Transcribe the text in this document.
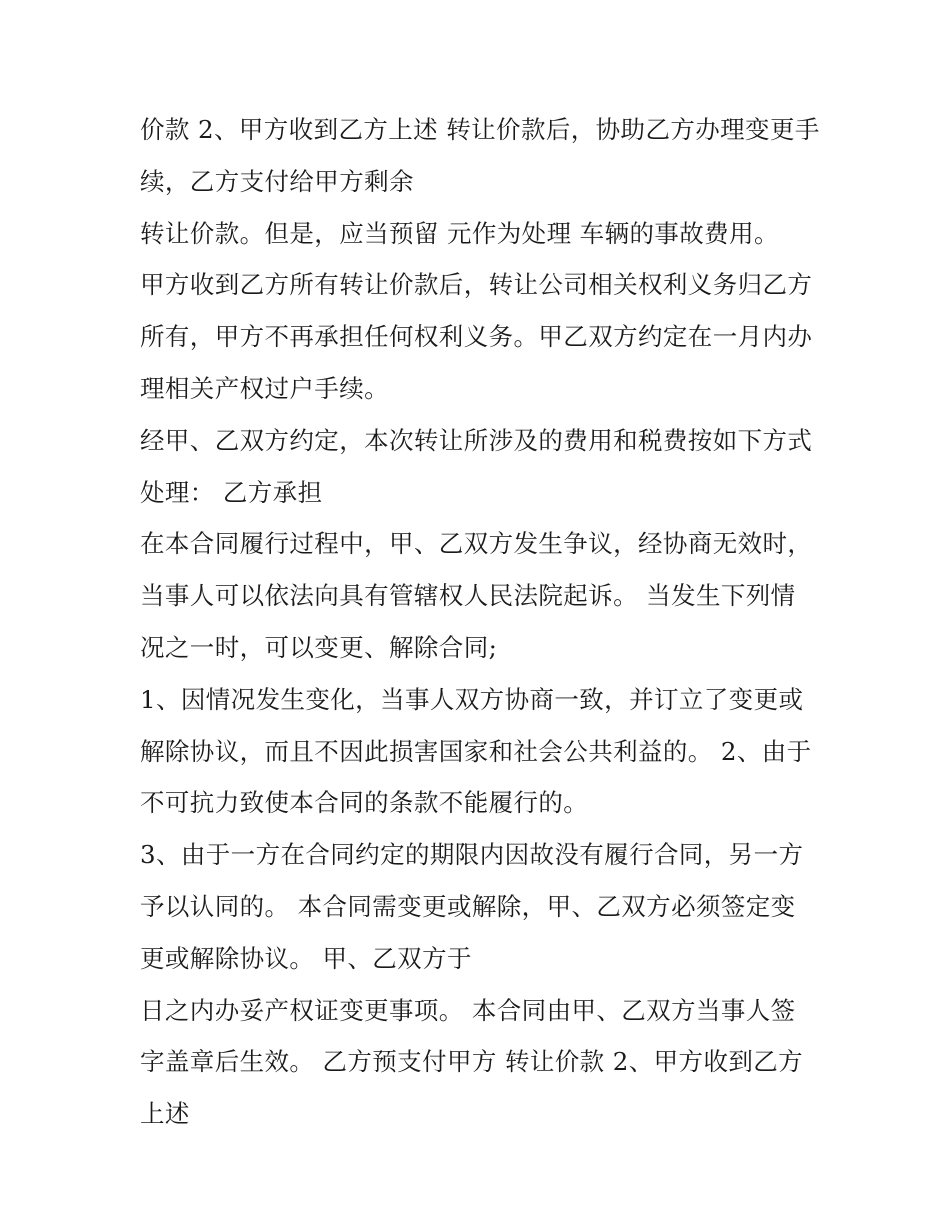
价款 2、甲方收到乙方上述 转让价款后，协助乙方办理变更手
续，乙方支付给甲方剩余
转让价款。但是，应当预留 元作为处理 车辆的事故费用。
甲方收到乙方所有转让价款后，转让公司相关权利义务归乙方
所有，甲方不再承担任何权利义务。甲乙双方约定在一月内办
理相关产权过户手续。
经甲、乙双方约定，本次转让所涉及的费用和税费按如下方式
处理： 乙方承担
在本合同履行过程中，甲、乙双方发生争议，经协商无效时，
当事人可以依法向具有管辖权人民法院起诉。 当发生下列情
况之一时，可以变更、解除合同;
1、因情况发生变化，当事人双方协商一致，并订立了变更或
解除协议，而且不因此损害国家和社会公共利益的。 2、由于
不可抗力致使本合同的条款不能履行的。
3、由于一方在合同约定的期限内因故没有履行合同，另一方
予以认同的。 本合同需变更或解除，甲、乙双方必须签定变
更或解除协议。 甲、乙双方于
日之内办妥产权证变更事项。 本合同由甲、乙双方当事人签
字盖章后生效。 乙方预支付甲方 转让价款 2、甲方收到乙方
上述
